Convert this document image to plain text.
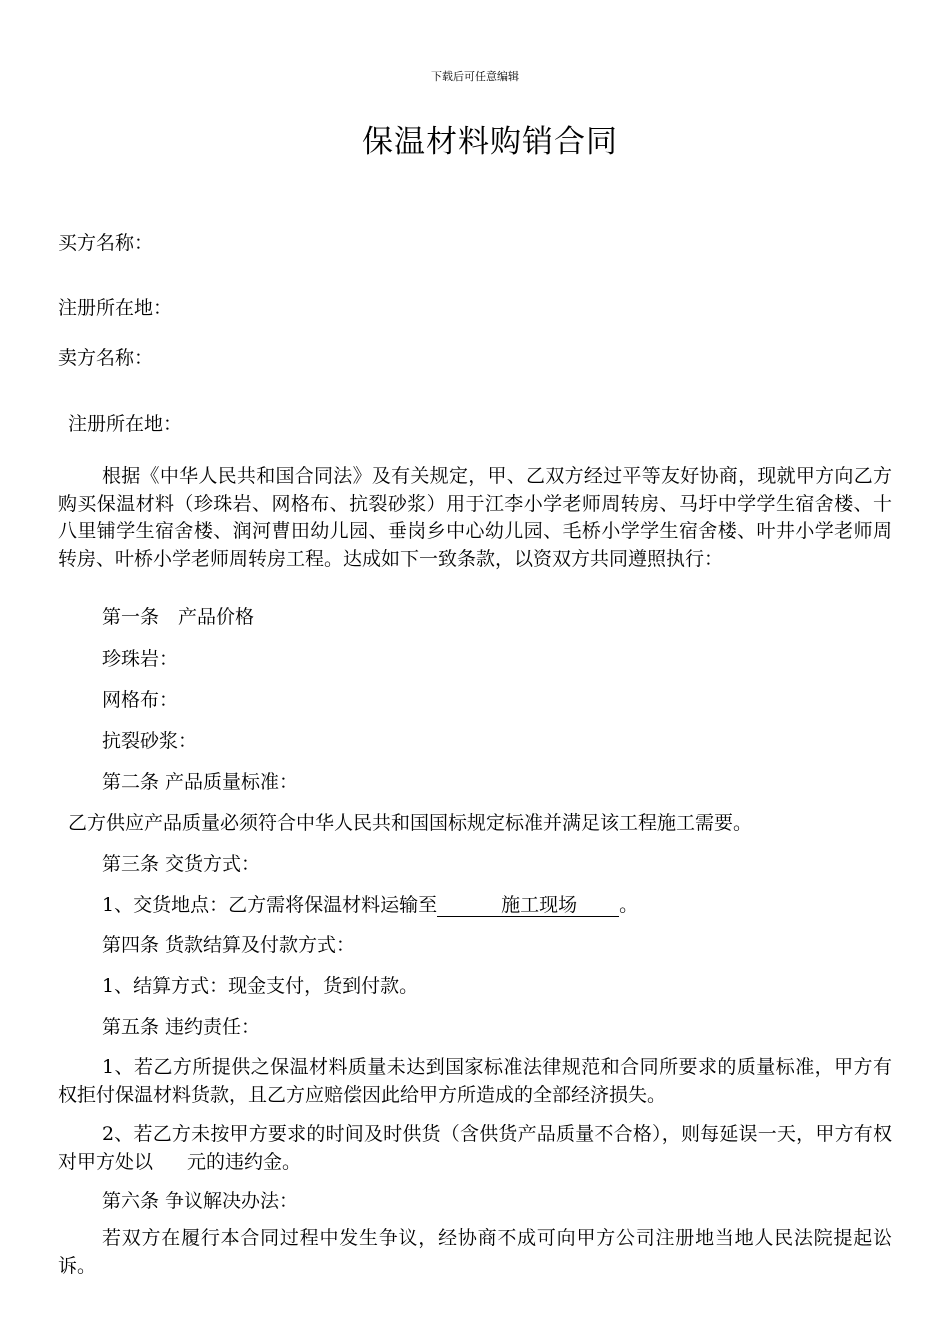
下载后可任意编辑
保温材料购销合同
买方名称：
注册所在地：
卖方名称：
注册所在地：
根据《中华人民共和国合同法》及有关规定，甲、乙双方经过平等友好协商，现就甲方向乙方购买保温材料（珍珠岩、网格布、抗裂砂浆）用于江李小学老师周转房、马圩中学学生宿舍楼、十八里铺学生宿舍楼、润河曹田幼儿园、垂岗乡中心幼儿园、毛桥小学学生宿舍楼、叶井小学老师周转房、叶桥小学老师周转房工程。达成如下一致条款，以资双方共同遵照执行：
第一条　产品价格
珍珠岩：
网格布：
抗裂砂浆：
第二条 产品质量标准：
乙方供应产品质量必须符合中华人民共和国国标规定标准并满足该工程施工需要。
第三条 交货方式：
1、交货地点：乙方需将保温材料运输至	施工现场 。
第四条 货款结算及付款方式：
1、结算方式：现金支付，货到付款。
第五条 违约责任：
1、若乙方所提供之保温材料质量未达到国家标准法律规范和合同所要求的质量标准，甲方有权拒付保温材料货款，且乙方应赔偿因此给甲方所造成的全部经济损失。
2、若乙方未按甲方要求的时间及时供货（含供货产品质量不合格），则每延误一天，甲方有权对甲方处以 元的违约金。
第六条 争议解决办法：
若双方在履行本合同过程中发生争议，经协商不成可向甲方公司注册地当地人民法院提起讼诉。
